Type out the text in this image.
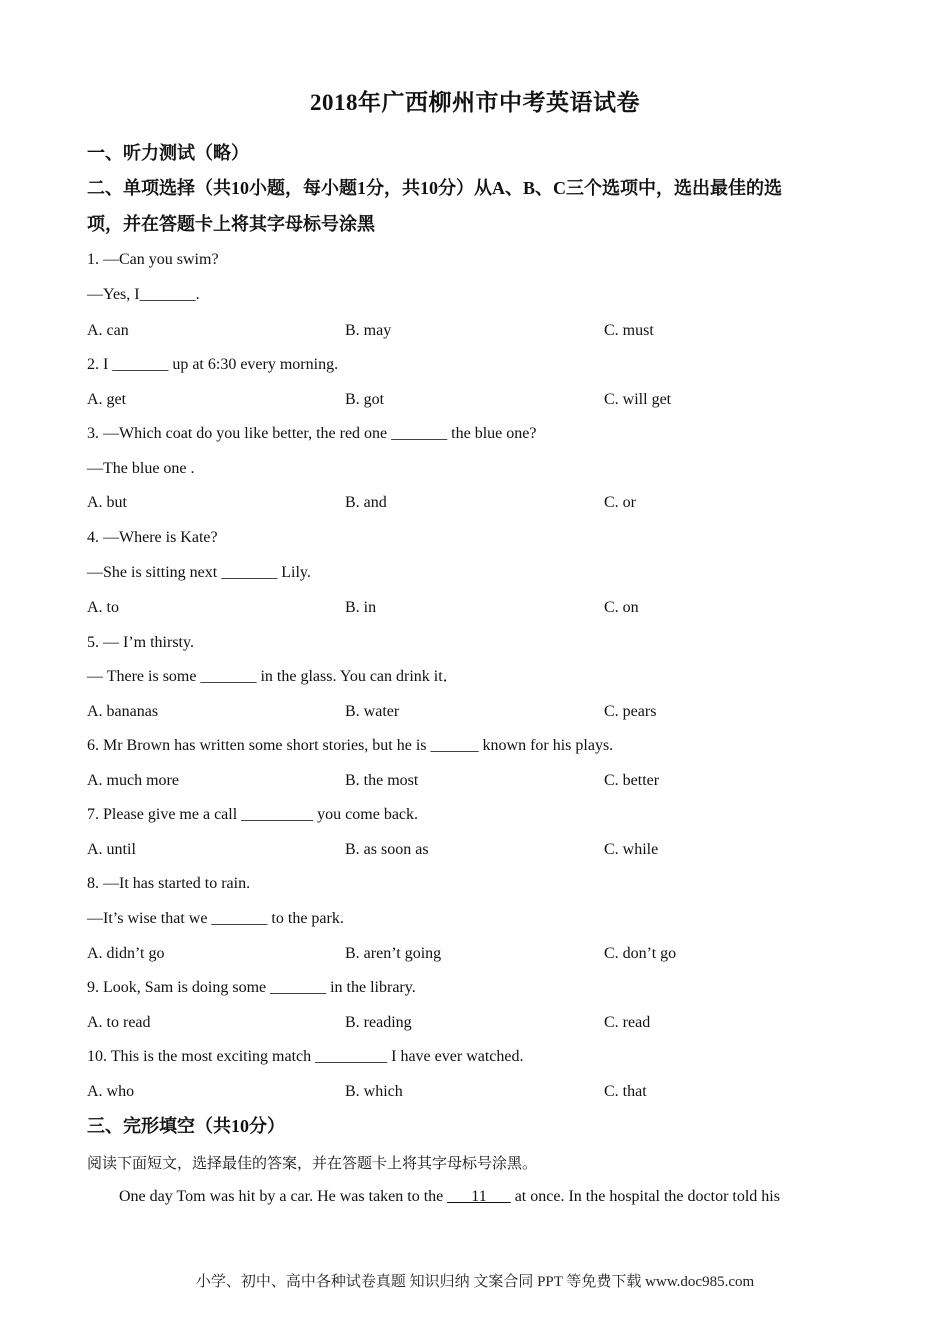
2018年广西柳州市中考英语试卷
一、听力测试（略）
二、单项选择（共10小题，每小题1分，共10分）从A、B、C三个选项中，选出最佳的选
项，并在答题卡上将其字母标号涂黑
1. —Can you swim?
—Yes, I_______.
A. can	B. may	C. must
2. I _______ up at 6:30 every morning.
A. get	B. got	C. will get
3. —Which coat do you like better, the red one _______ the blue one?
—The blue one .
A. but	B. and	C. or
4. —Where is Kate?
—She is sitting next _______ Lily.
A. to	B. in	C. on
5. — I’m thirsty.
— There is some _______ in the glass. You can drink it．
A. bananas	B. water	C. pears
6. Mr Brown has written some short stories, but he is ______ known for his plays.
A. much more	B. the most	C. better
7. Please give me a call _________ you come back.
A. until	B. as soon as	C. while
8. —It has started to rain.
—It’s wise that we _______ to the park.
A. didn’t go	B. aren’t going	C. don’t go
9. Look, Sam is doing some _______ in the library.
A. to read	B. reading	C. read
10. This is the most exciting match _________ I have ever watched.
A. who	B. which	C. that
三、完形填空（共10分）
阅读下面短文，选择最佳的答案，并在答题卡上将其字母标号涂黑。
One day Tom was hit by a car. He was taken to the ___11___ at once. In the hospital the doctor told his
小学、初中、高中各种试卷真题 知识归纳 文案合同 PPT 等免费下载 www.doc985.com
